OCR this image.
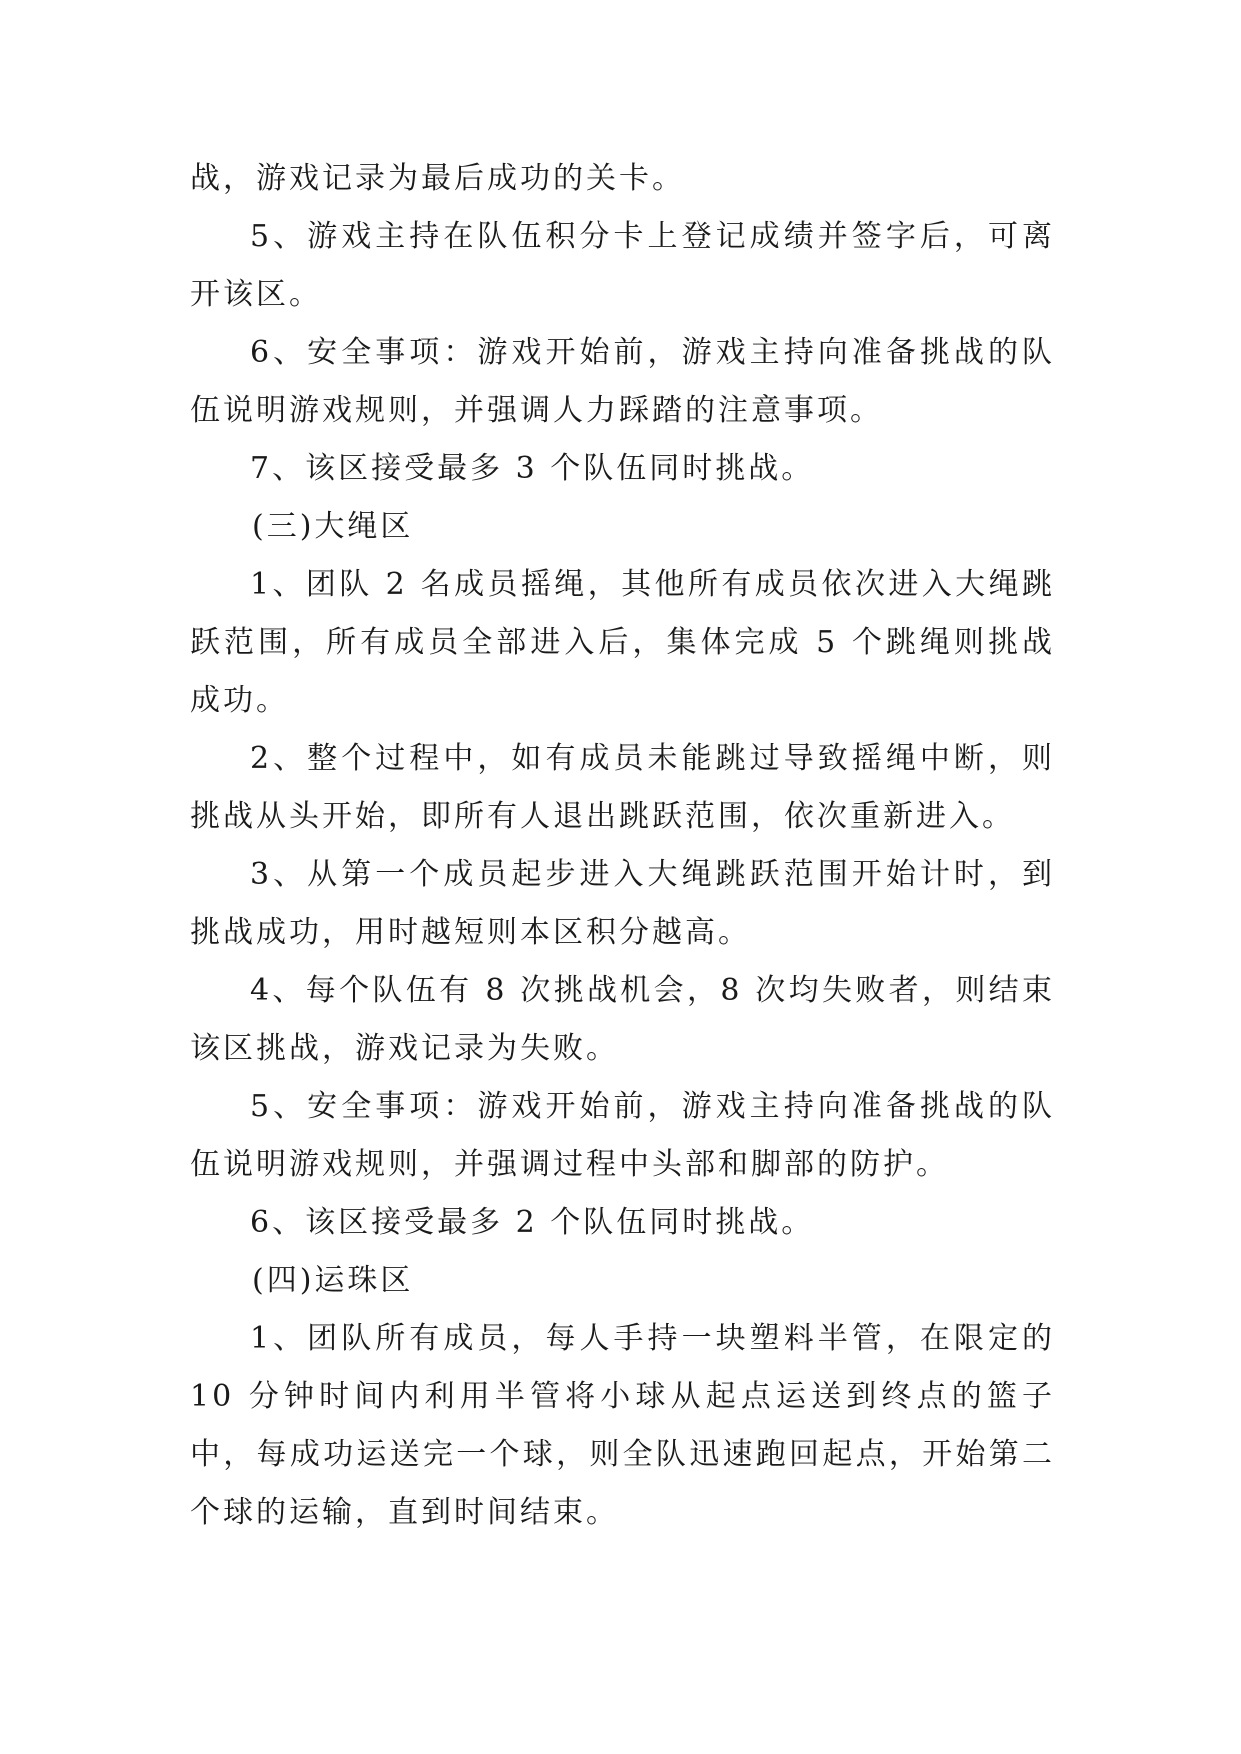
战，游戏记录为最后成功的关卡。

5、游戏主持在队伍积分卡上登记成绩并签字后，可离开该区。

6、安全事项：游戏开始前，游戏主持向准备挑战的队伍说明游戏规则，并强调人力踩踏的注意事项。

7、该区接受最多 3 个队伍同时挑战。

(三)大绳区

1、团队 2 名成员摇绳，其他所有成员依次进入大绳跳跃范围，所有成员全部进入后，集体完成 5 个跳绳则挑战成功。

2、整个过程中，如有成员未能跳过导致摇绳中断，则挑战从头开始，即所有人退出跳跃范围，依次重新进入。

3、从第一个成员起步进入大绳跳跃范围开始计时，到挑战成功，用时越短则本区积分越高。

4、每个队伍有 8 次挑战机会，8 次均失败者，则结束该区挑战，游戏记录为失败。

5、安全事项：游戏开始前，游戏主持向准备挑战的队伍说明游戏规则，并强调过程中头部和脚部的防护。

6、该区接受最多 2 个队伍同时挑战。

(四)运珠区

1、团队所有成员，每人手持一块塑料半管，在限定的 10 分钟时间内利用半管将小球从起点运送到终点的篮子中，每成功运送完一个球，则全队迅速跑回起点，开始第二个球的运输，直到时间结束。
